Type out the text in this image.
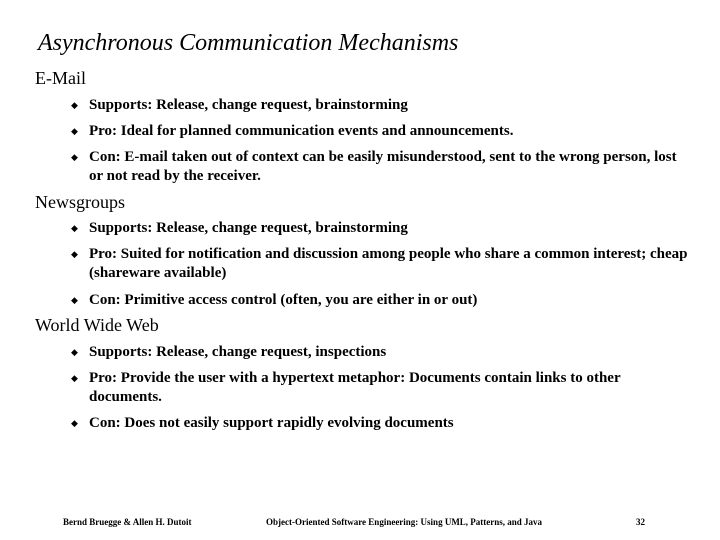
Asynchronous Communication Mechanisms
E-Mail
◆ Supports: Release, change request, brainstorming
◆ Pro: Ideal for planned communication events and announcements.
◆ Con: E-mail taken out of context can be easily misunderstood, sent to the wrong person, lost or not read by the receiver.
Newsgroups
◆ Supports: Release, change request, brainstorming
◆ Pro: Suited for notification and discussion among people who share a common interest; cheap (shareware available)
◆ Con: Primitive access control (often, you are either in or out)
World Wide Web
◆ Supports: Release, change request, inspections
◆ Pro: Provide the user with a hypertext metaphor: Documents contain links to other documents.
◆ Con: Does not easily support rapidly evolving documents
Bernd Bruegge & Allen H. Dutoit	Object-Oriented Software Engineering: Using UML, Patterns, and Java	32
